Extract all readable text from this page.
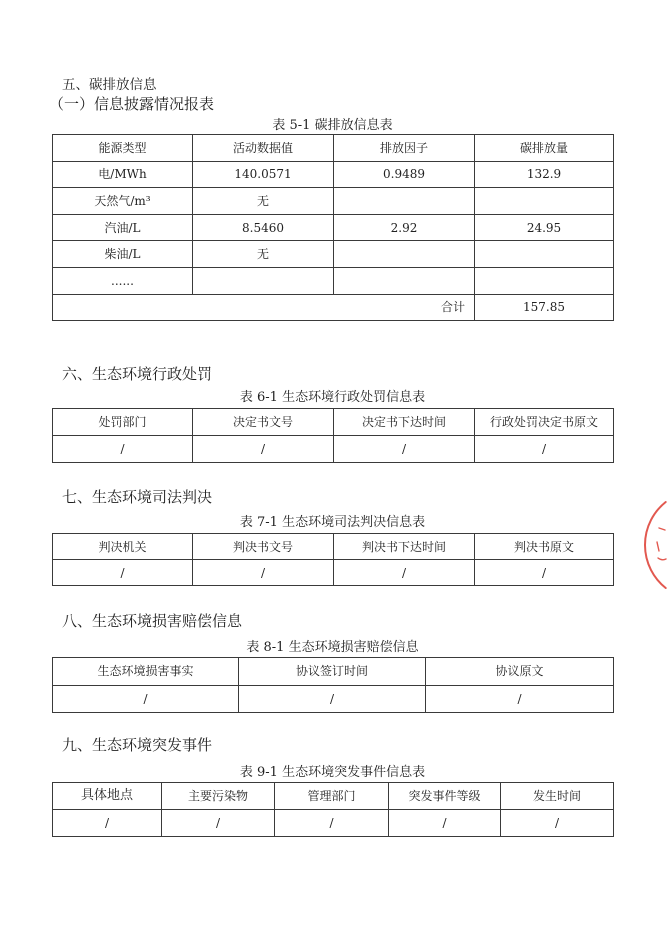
五、碳排放信息
（一）信息披露情况报表
表 5-1 碳排放信息表
能源类型	活动数据值	排放因子	碳排放量
电/MWh	140.0571	0.9489	132.9
天然气/m³	无		
汽油/L	8.5460	2.92	24.95
柴油/L	无		
......			
合计			157.85
六、生态环境行政处罚
表 6-1 生态环境行政处罚信息表
处罚部门	决定书文号	决定书下达时间	行政处罚决定书原文
/	/	/	/
七、生态环境司法判决
表 7-1 生态环境司法判决信息表
判决机关	判决书文号	判决书下达时间	判决书原文
/	/	/	/
八、生态环境损害赔偿信息
表 8-1 生态环境损害赔偿信息
生态环境损害事实	协议签订时间	协议原文
/	/	/
九、生态环境突发事件
表 9-1 生态环境突发事件信息表
具体地点	主要污染物	管理部门	突发事件等级	发生时间
/	/	/	/	/
